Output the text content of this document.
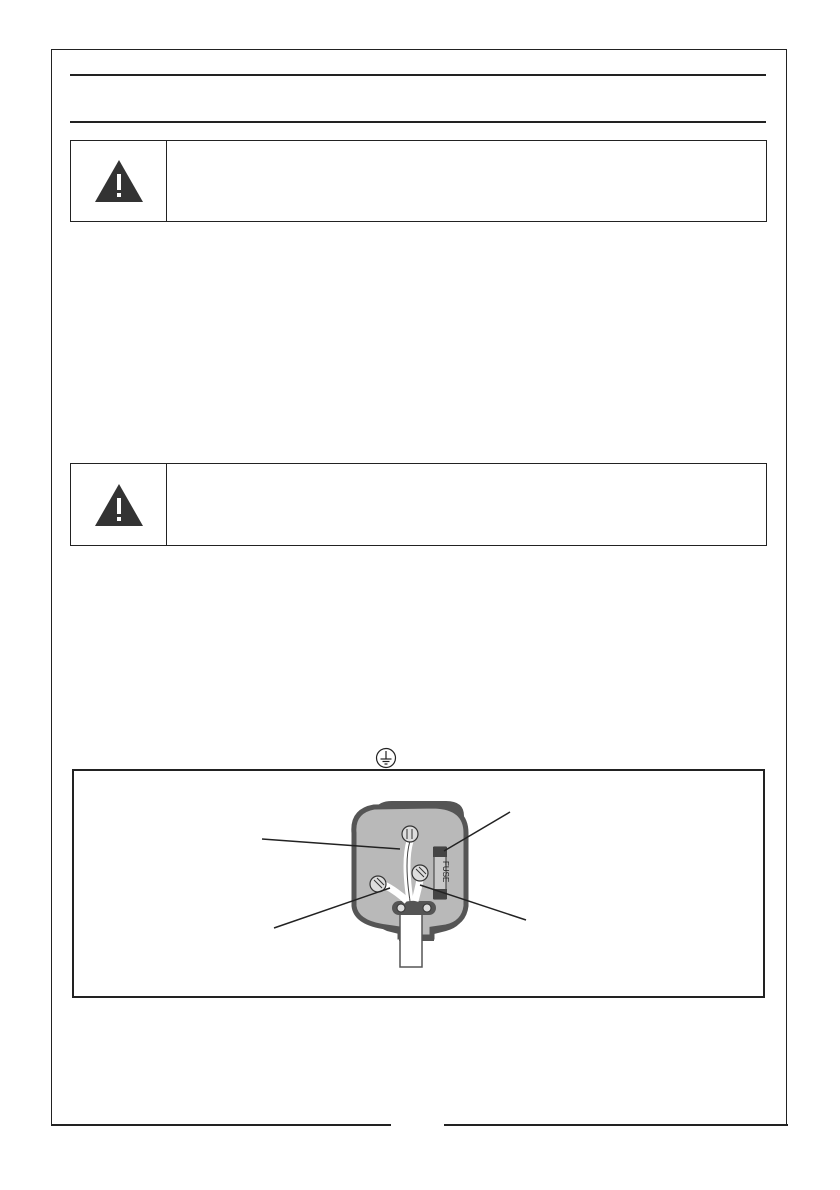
FUSE
